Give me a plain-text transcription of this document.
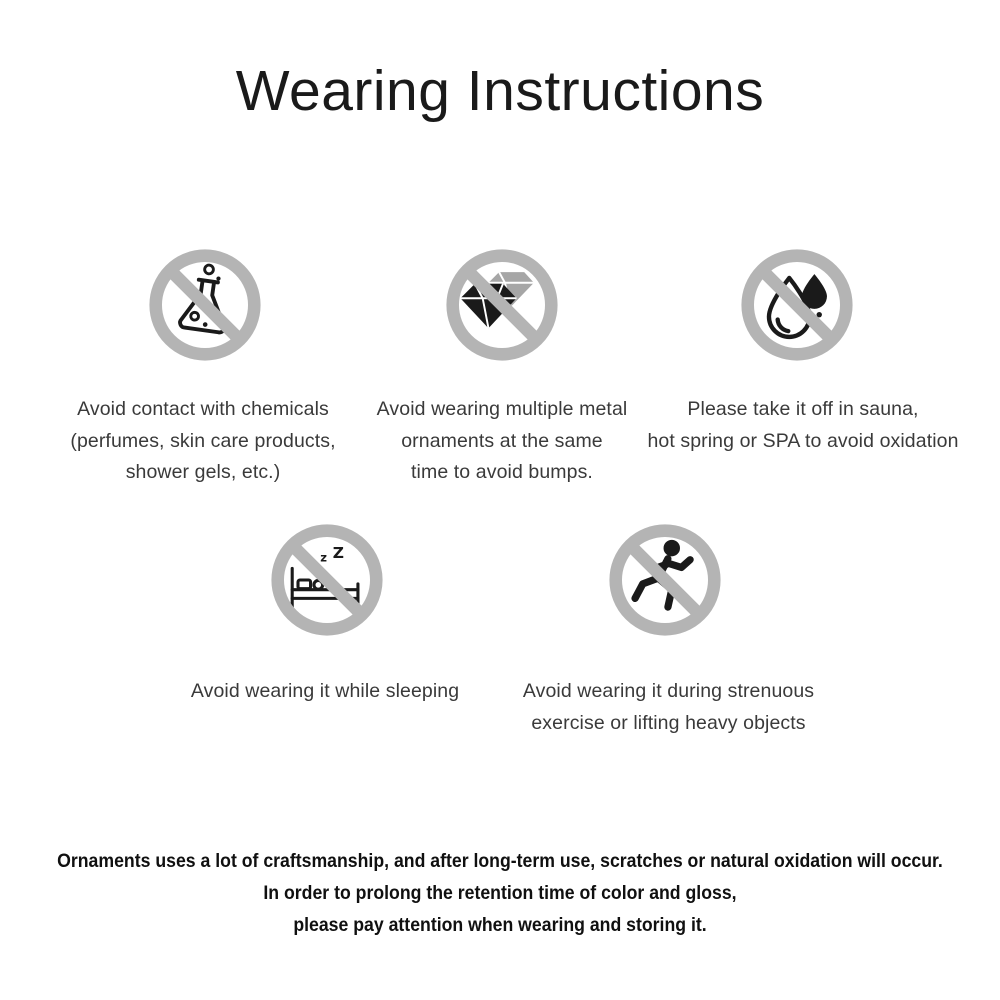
Wearing Instructions
z Z
Avoid contact with chemicals
(perfumes, skin care products,
shower gels, etc.)
Avoid wearing multiple metal
ornaments at the same
time to avoid bumps.
Please take it off in sauna,
hot spring or SPA to avoid oxidation
Avoid wearing it while sleeping	Avoid wearing it during strenuous
exercise or lifting heavy objects
Ornaments uses a lot of craftsmanship, and after long-term use, scratches or natural oxidation will occur.
In order to prolong the retention time of color and gloss,
please pay attention when wearing and storing it.
